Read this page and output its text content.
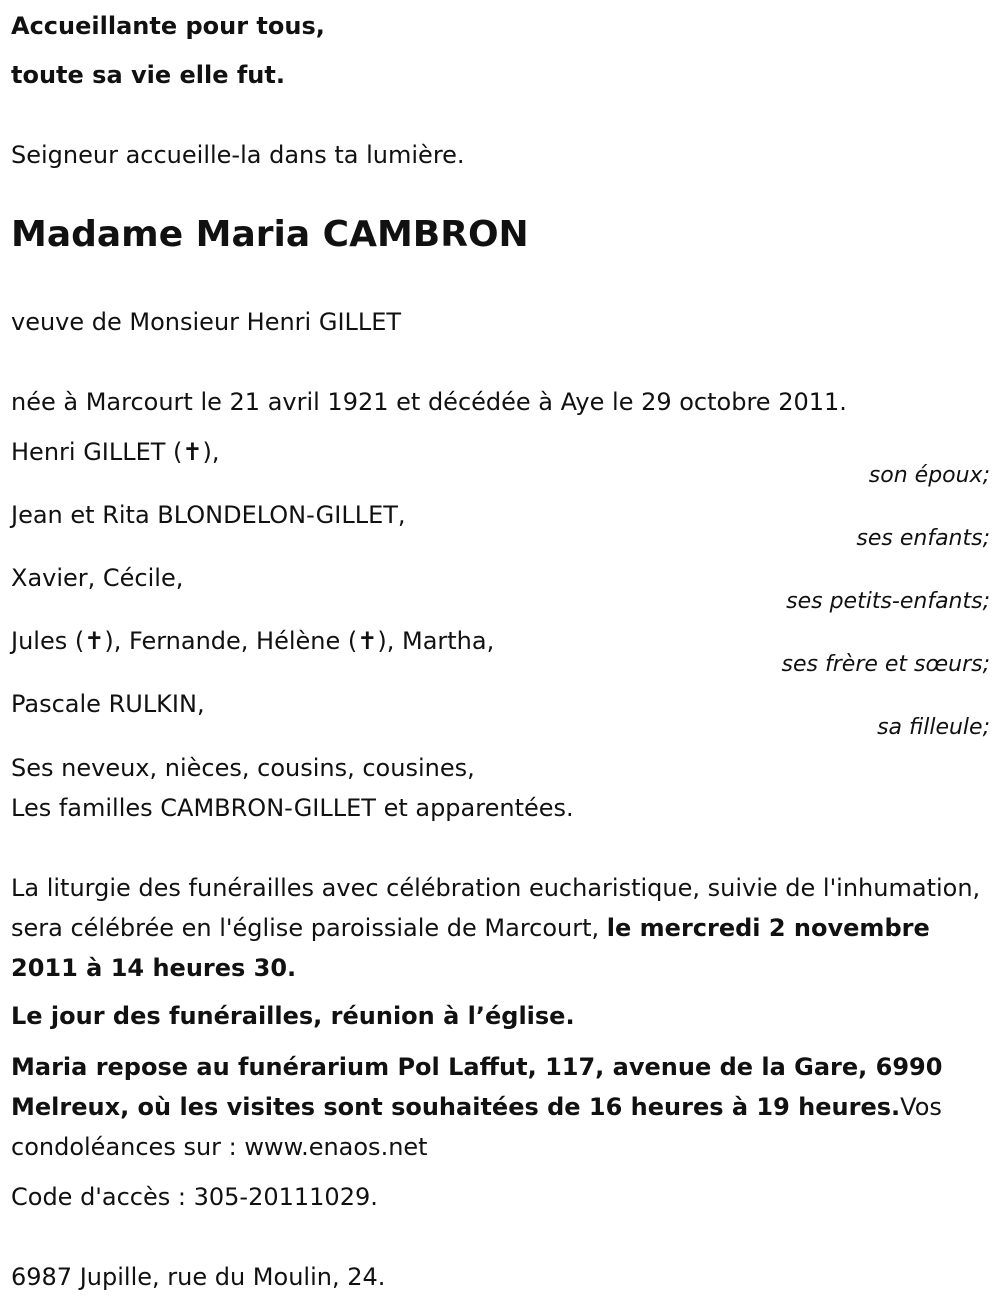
Accueillante pour tous,
toute sa vie elle fut.
Seigneur accueille-la dans ta lumière.
Madame Maria CAMBRON
veuve de Monsieur Henri GILLET
née à Marcourt le 21 avril 1921 et décédée à Aye le 29 octobre 2011.
Henri GILLET (✝),
son époux;
Jean et Rita BLONDELON-GILLET,
ses enfants;
Xavier, Cécile,
ses petits-enfants;
Jules (✝), Fernande, Hélène (✝), Martha,
ses frère et sœurs;
Pascale RULKIN,
sa filleule;
Ses neveux, nièces, cousins, cousines,
Les familles CAMBRON-GILLET et apparentées.
La liturgie des funérailles avec célébration eucharistique, suivie de l'inhumation, sera célébrée en l'église paroissiale de Marcourt, le mercredi 2 novembre 2011 à 14 heures 30.
Le jour des funérailles, réunion à l’église.
Maria repose au funérarium Pol Laffut, 117, avenue de la Gare, 6990 Melreux, où les visites sont souhaitées de 16 heures à 19 heures.Vos condoléances sur : www.enaos.net
Code d'accès : 305-20111029.
6987 Jupille, rue du Moulin, 24.
